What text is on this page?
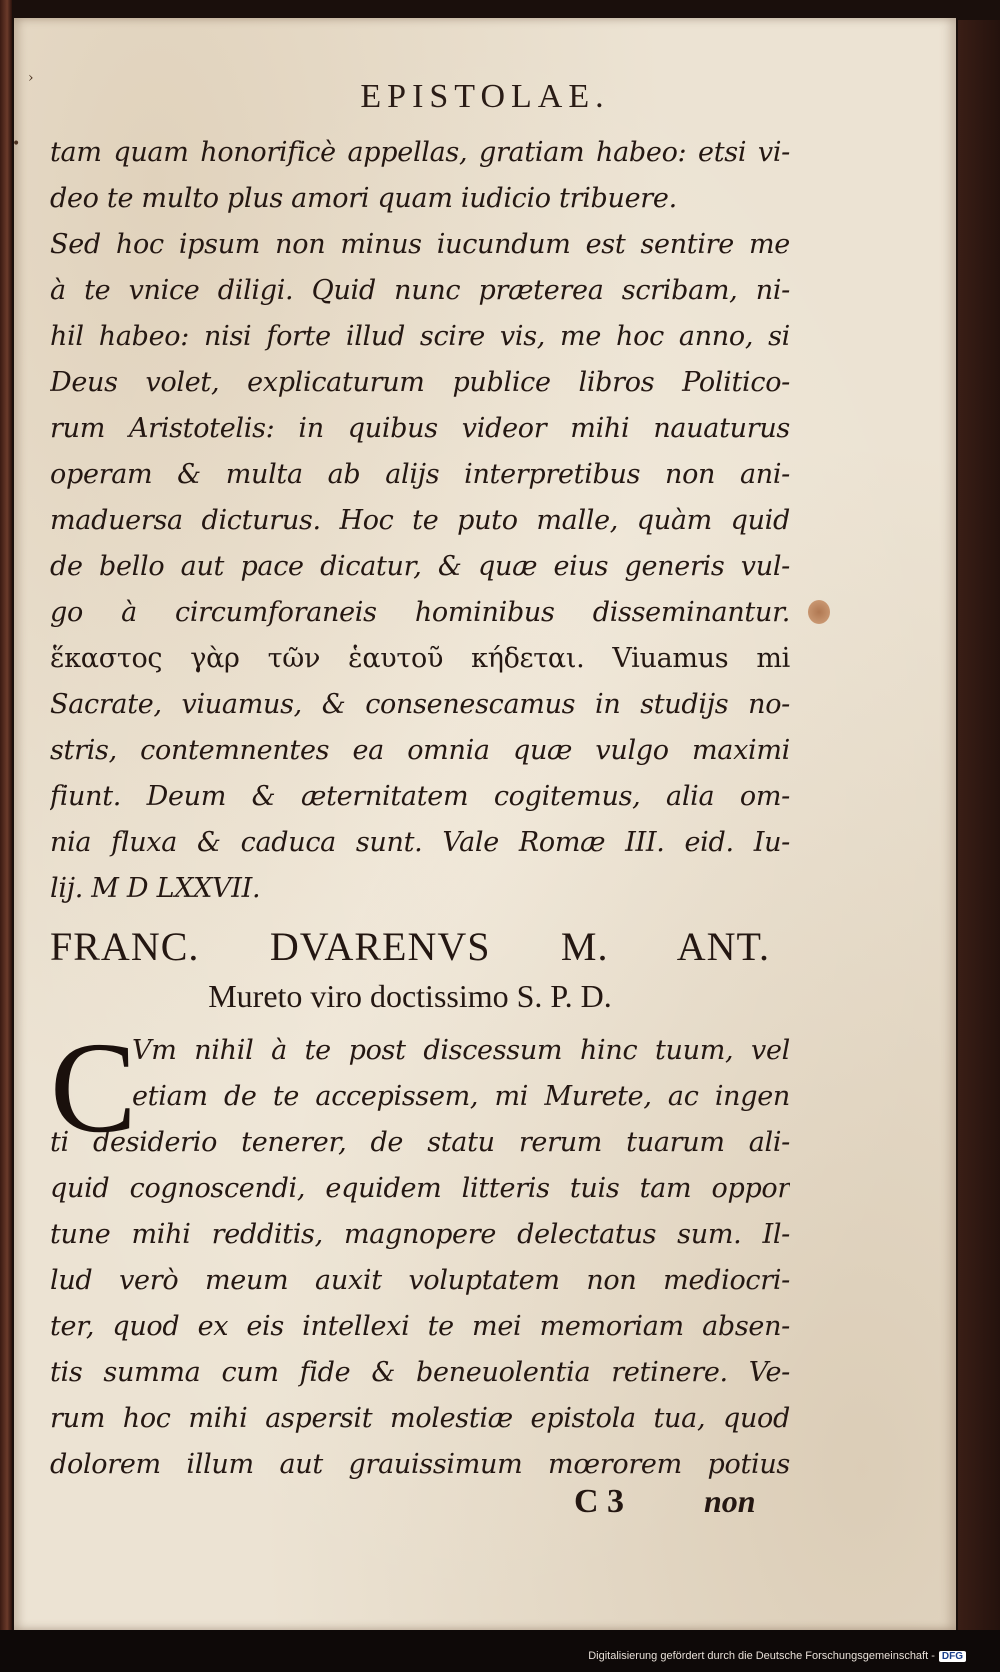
›
•
EPISTOLAE.
tam quam honorificè appellas, gratiam habeo: etsi vi-
deo te multo plus amori quam iudicio tribuere.
Sed hoc ipsum non minus iucundum est sentire me
à te vnice diligi. Quid nunc præterea scribam, ni-
hil habeo: nisi forte illud scire vis, me hoc anno, si
Deus volet, explicaturum publice libros Politico-
rum Aristotelis: in quibus videor mihi nauaturus
operam & multa ab alijs interpretibus non ani-
maduersa dicturus. Hoc te puto malle, quàm quid
de bello aut pace dicatur, & quæ eius generis vul-
go à circumforaneis hominibus disseminantur.
ἕκαστος γὰρ τῶν ἑαυτοῦ κήδεται. Viuamus mi
Sacrate, viuamus, & consenescamus in studijs no-
stris, contemnentes ea omnia quæ vulgo maximi
fiunt. Deum & æternitatem cogitemus, alia om-
nia fluxa & caduca sunt. Vale Romæ III. eid. Iu-
lij. M D LXXVII.
FRANC. DVARENVS M. ANT.
Mureto viro doctissimo S. P. D.
C
Vm nihil à te post discessum hinc tuum, vel
etiam de te accepissem, mi Murete, ac ingen
ti desiderio tenerer, de statu rerum tuarum ali-
quid cognoscendi, equidem litteris tuis tam oppor
tune mihi redditis, magnopere delectatus sum. Il-
lud verò meum auxit voluptatem non mediocri-
ter, quod ex eis intellexi te mei memoriam absen-
tis summa cum fide & beneuolentia retinere. Ve-
rum hoc mihi aspersit molestiæ epistola tua, quod
dolorem illum aut grauissimum mœrorem potius
C 3 non
Digitalisierung gefördert durch die Deutsche Forschungsgemeinschaft - DFG
